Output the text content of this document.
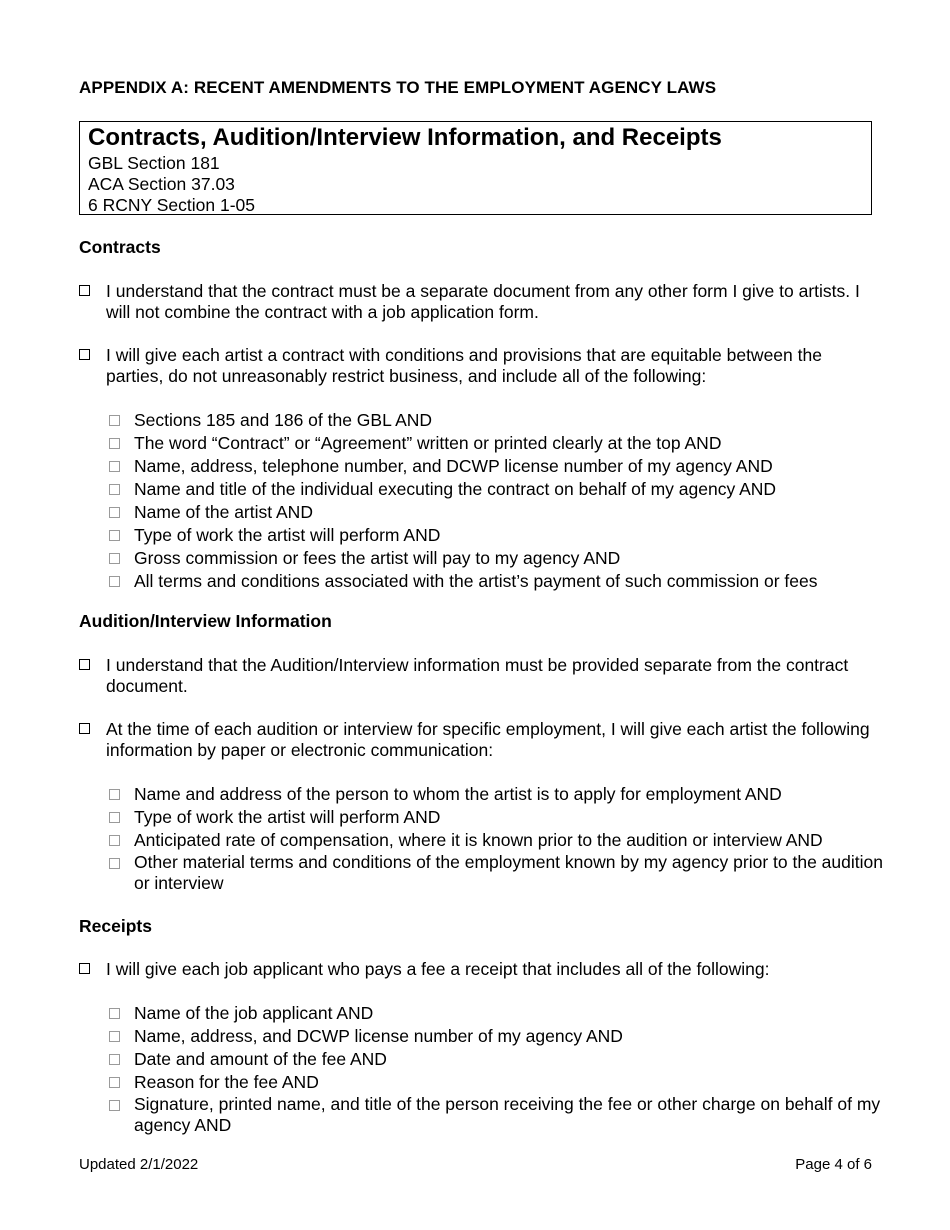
APPENDIX A: RECENT AMENDMENTS TO THE EMPLOYMENT AGENCY LAWS
Contracts, Audition/Interview Information, and Receipts
GBL Section 181
ACA Section 37.03
6 RCNY Section 1-05
Contracts
I understand that the contract must be a separate document from any other form I give to artists. I will not combine the contract with a job application form.
I will give each artist a contract with conditions and provisions that are equitable between the parties, do not unreasonably restrict business, and include all of the following:
Sections 185 and 186 of the GBL AND
The word “Contract” or “Agreement” written or printed clearly at the top AND
Name, address, telephone number, and DCWP license number of my agency AND
Name and title of the individual executing the contract on behalf of my agency AND
Name of the artist AND
Type of work the artist will perform AND
Gross commission or fees the artist will pay to my agency AND
All terms and conditions associated with the artist’s payment of such commission or fees
Audition/Interview Information
I understand that the Audition/Interview information must be provided separate from the contract document.
At the time of each audition or interview for specific employment, I will give each artist the following information by paper or electronic communication:
Name and address of the person to whom the artist is to apply for employment AND
Type of work the artist will perform AND
Anticipated rate of compensation, where it is known prior to the audition or interview AND
Other material terms and conditions of the employment known by my agency prior to the audition or interview
Receipts
I will give each job applicant who pays a fee a receipt that includes all of the following:
Name of the job applicant AND
Name, address, and DCWP license number of my agency AND
Date and amount of the fee AND
Reason for the fee AND
Signature, printed name, and title of the person receiving the fee or other charge on behalf of my agency AND
Updated 2/1/2022	Page 4 of 6
